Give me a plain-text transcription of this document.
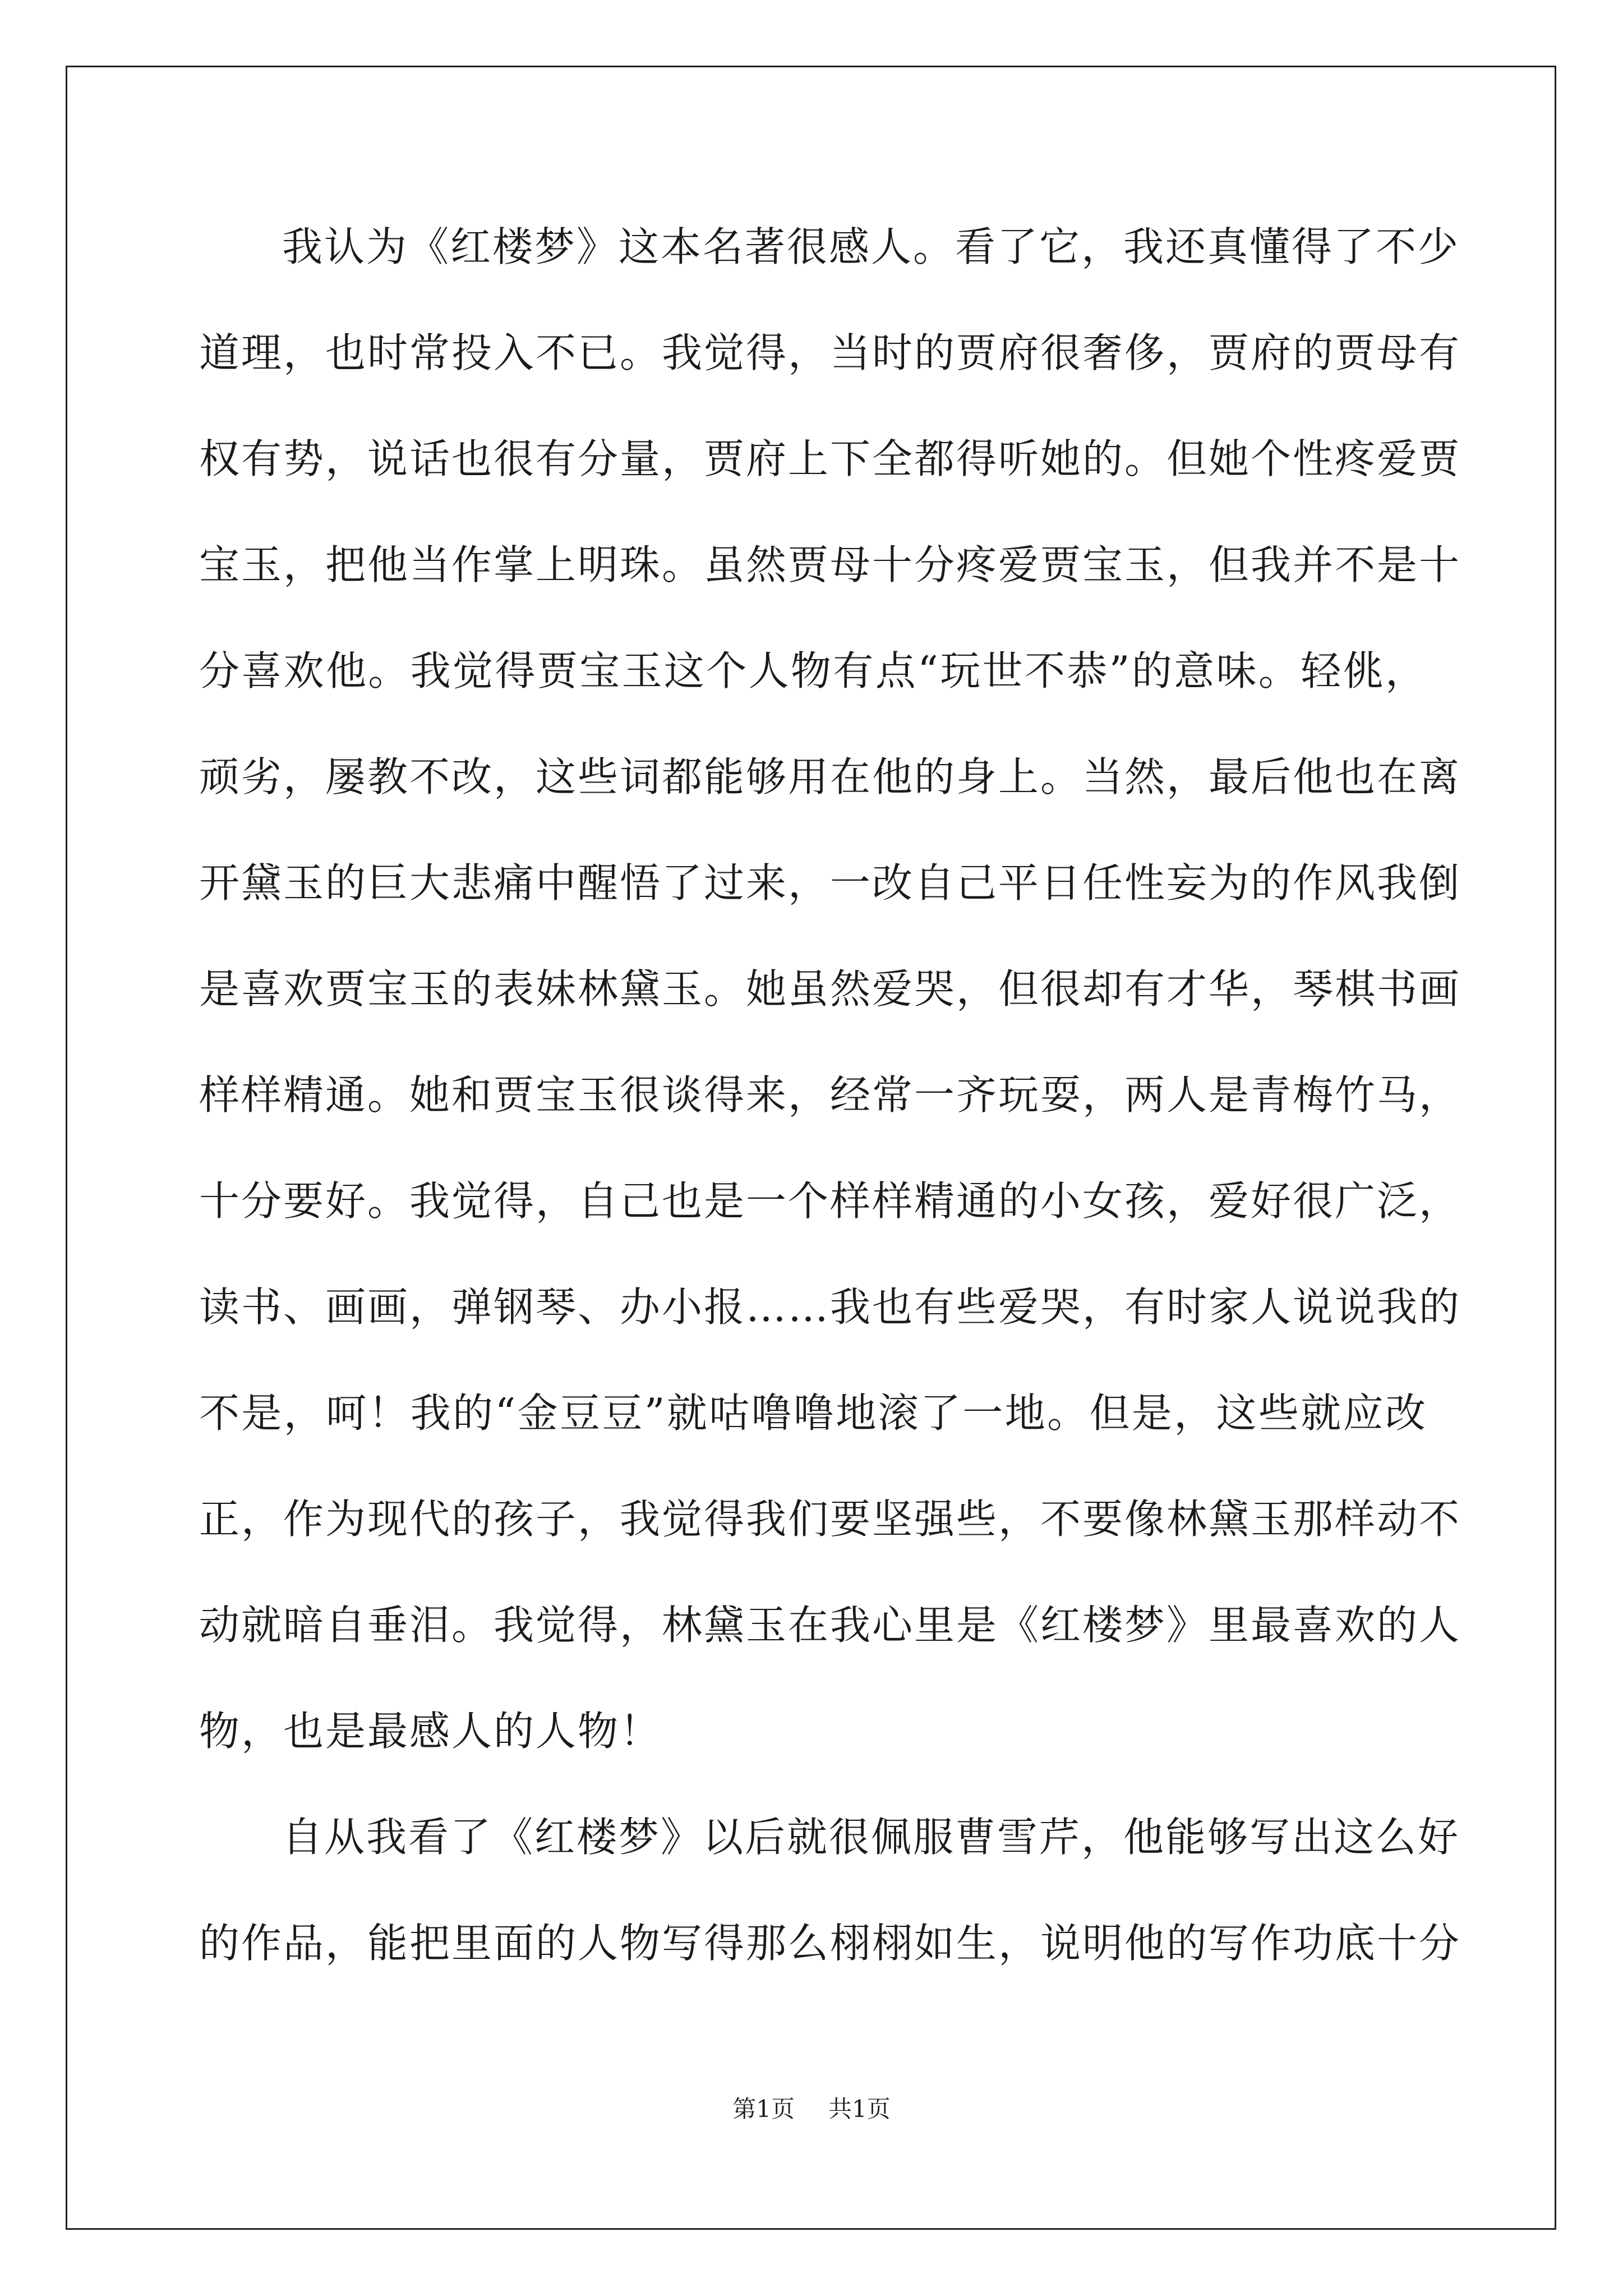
我认为《红楼梦》这本名著很感人。看了它，我还真懂得了不少
道理，也时常投入不已。我觉得，当时的贾府很奢侈，贾府的贾母有
权有势，说话也很有分量，贾府上下全都得听她的。但她个性疼爱贾
宝玉，把他当作掌上明珠。虽然贾母十分疼爱贾宝玉，但我并不是十
分喜欢他。我觉得贾宝玉这个人物有点“玩世不恭”的意味。轻佻，
顽劣，屡教不改，这些词都能够用在他的身上。当然，最后他也在离
开黛玉的巨大悲痛中醒悟了过来，一改自己平日任性妄为的作风我倒
是喜欢贾宝玉的表妹林黛玉。她虽然爱哭，但很却有才华，琴棋书画
样样精通。她和贾宝玉很谈得来，经常一齐玩耍，两人是青梅竹马，
十分要好。我觉得，自己也是一个样样精通的小女孩，爱好很广泛，
读书、画画，弹钢琴、办小报……我也有些爱哭，有时家人说说我的
不是，呵！我的“金豆豆”就咕噜噜地滚了一地。但是，这些就应改
正，作为现代的孩子，我觉得我们要坚强些，不要像林黛玉那样动不
动就暗自垂泪。我觉得，林黛玉在我心里是《红楼梦》里最喜欢的人
物，也是最感人的人物！
自从我看了《红楼梦》以后就很佩服曹雪芹，他能够写出这么好
的作品，能把里面的人物写得那么栩栩如生，说明他的写作功底十分
第1页 共1页
